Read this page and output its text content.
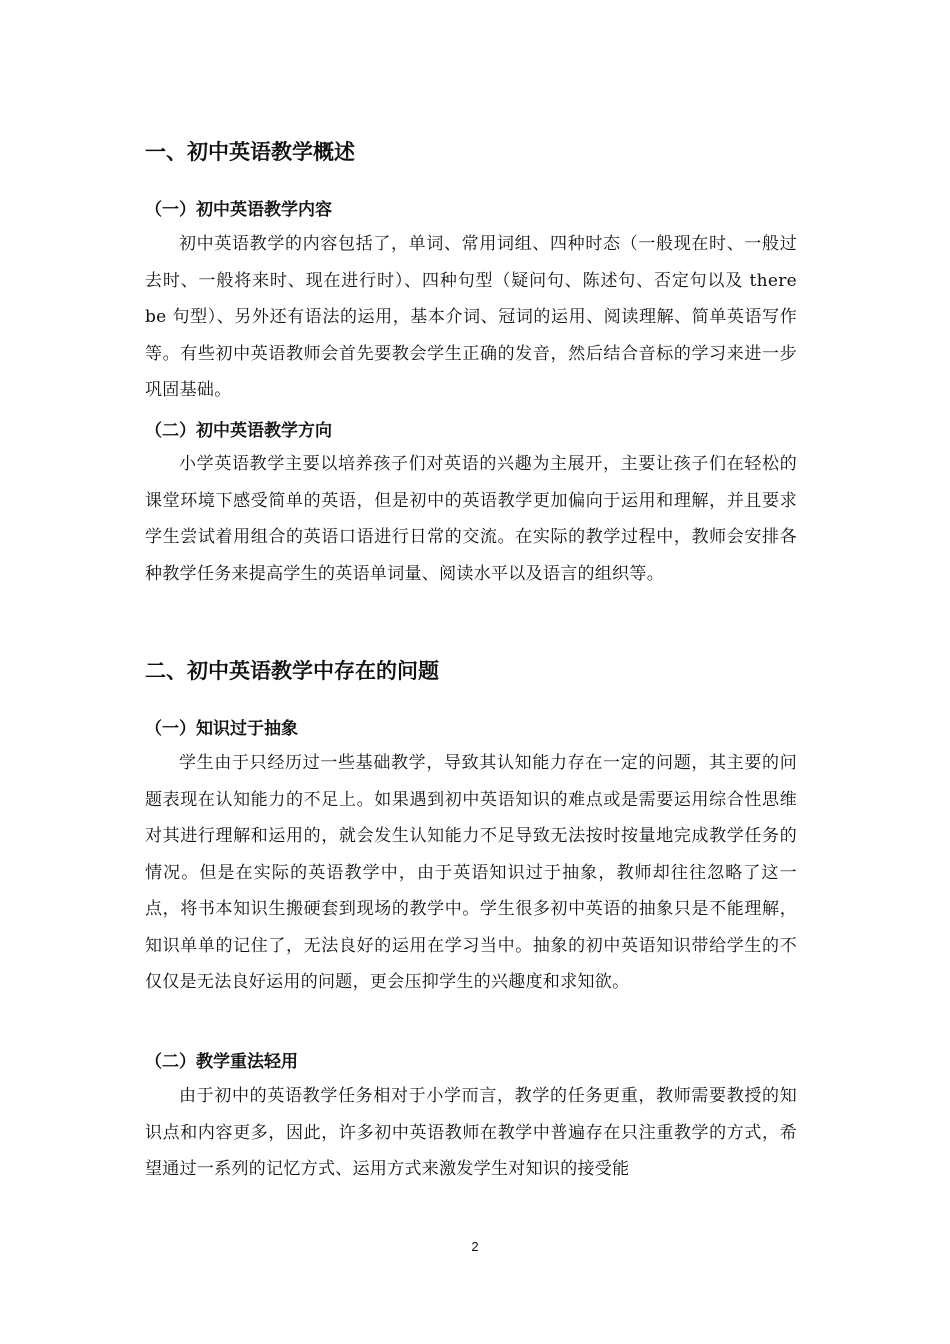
一、初中英语教学概述
（一）初中英语教学内容

初中英语教学的内容包括了，单词、常用词组、四种时态（一般现在时、一般过去时、一般将来时、现在进行时）、四种句型（疑问句、陈述句、否定句以及 there be 句型）、另外还有语法的运用，基本介词、冠词的运用、阅读理解、简单英语写作等。有些初中英语教师会首先要教会学生正确的发音，然后结合音标的学习来进一步巩固基础。

（二）初中英语教学方向

小学英语教学主要以培养孩子们对英语的兴趣为主展开，主要让孩子们在轻松的课堂环境下感受简单的英语，但是初中的英语教学更加偏向于运用和理解，并且要求学生尝试着用组合的英语口语进行日常的交流。在实际的教学过程中，教师会安排各种教学任务来提高学生的英语单词量、阅读水平以及语言的组织等。

二、初中英语教学中存在的问题
（一）知识过于抽象

学生由于只经历过一些基础教学，导致其认知能力存在一定的问题，其主要的问题表现在认知能力的不足上。如果遇到初中英语知识的难点或是需要运用综合性思维对其进行理解和运用的，就会发生认知能力不足导致无法按时按量地完成教学任务的情况。但是在实际的英语教学中，由于英语知识过于抽象，教师却往往忽略了这一点，将书本知识生搬硬套到现场的教学中。学生很多初中英语的抽象只是不能理解，知识单单的记住了，无法良好的运用在学习当中。抽象的初中英语知识带给学生的不仅仅是无法良好运用的问题，更会压抑学生的兴趣度和求知欲。

（二）教学重法轻用

由于初中的英语教学任务相对于小学而言，教学的任务更重，教师需要教授的知识点和内容更多，因此，许多初中英语教师在教学中普遍存在只注重教学的方式，希望通过一系列的记忆方式、运用方式来激发学生对知识的接受能

2
